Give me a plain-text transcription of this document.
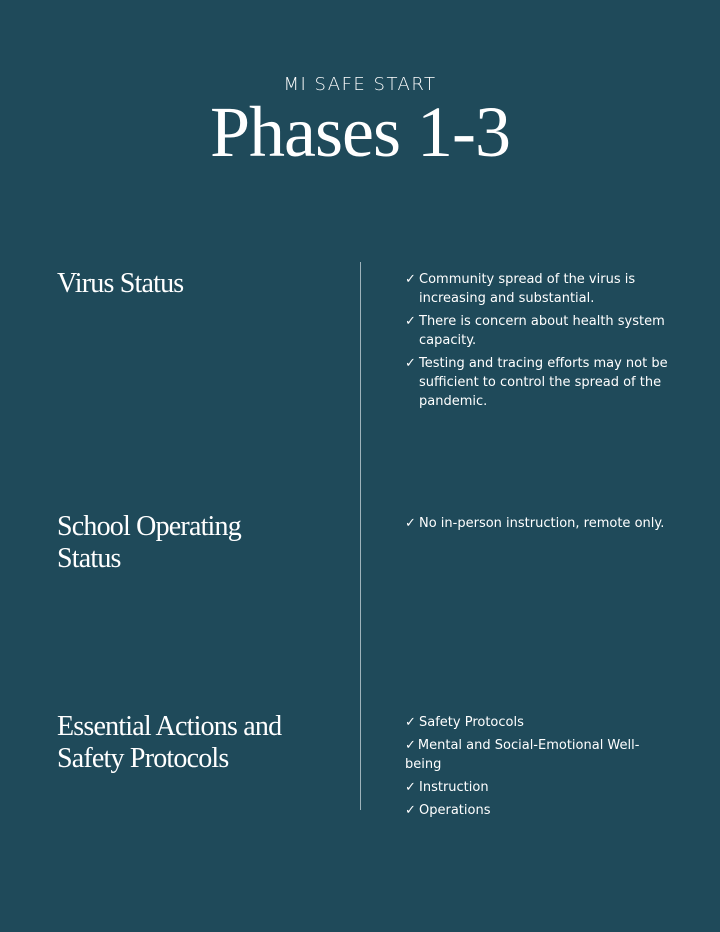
MI SAFE START
Phases 1-3
Virus Status	✓ Community spread of the virus is increasing and substantial.
✓ There is concern about health system capacity.
✓ Testing and tracing efforts may not be sufficient to control the spread of the pandemic.
School Operating Status
✓ No in-person instruction, remote only.
Essential Actions and Safety Protocols
✓ Safety Protocols
✓ Mental and Social-Emotional Well-being
✓ Instruction
✓ Operations
